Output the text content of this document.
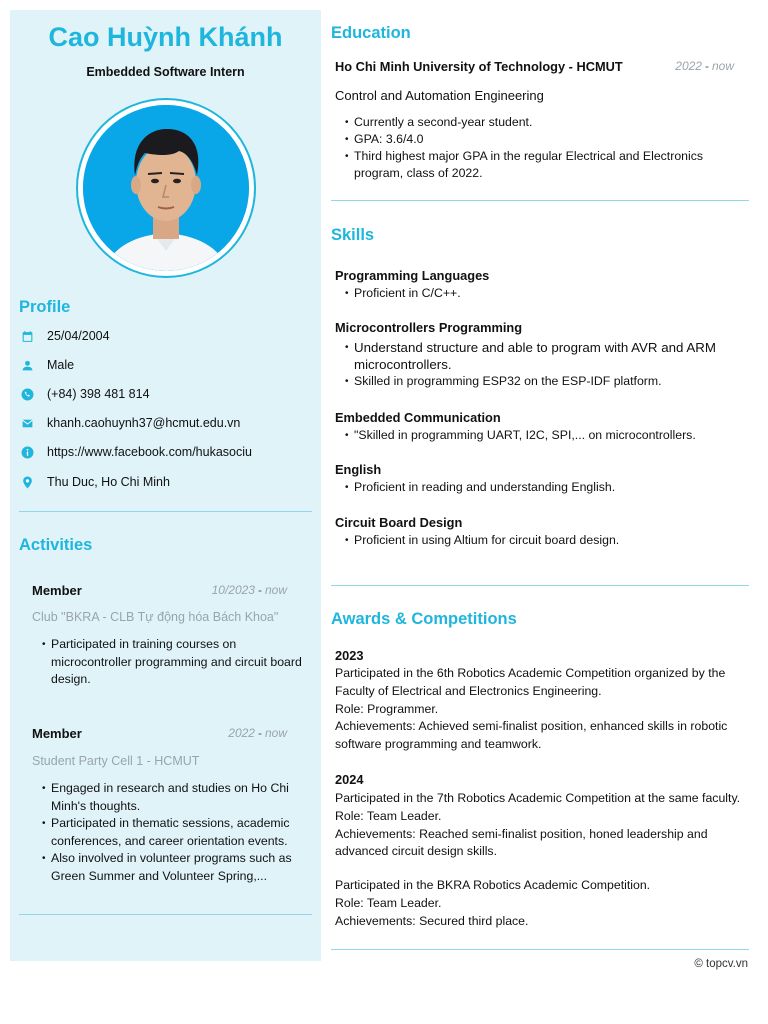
Cao Huỳnh Khánh
Embedded Software Intern
Profile
25/04/2004
Male
(+84) 398 481 814
khanh.caohuynh37@hcmut.edu.vn
https://www.facebook.com/hukasociu
Thu Duc, Ho Chi Minh
Activities
Member	10/2023 - now
Club "BKRA - CLB Tự động hóa Bách Khoa"
• Participated in training courses on microcontroller programming and circuit board design.
Member	2022 - now
Student Party Cell 1 - HCMUT
• Engaged in research and studies on Ho Chi Minh's thoughts.
• Participated in thematic sessions, academic conferences, and career orientation events.
• Also involved in volunteer programs such as Green Summer and Volunteer Spring,...
Education
Ho Chi Minh University of Technology - HCMUT	2022 - now
Control and Automation Engineering
• Currently a second-year student.
• GPA: 3.6/4.0
• Third highest major GPA in the regular Electrical and Electronics program, class of 2022.
Skills
Programming Languages
• Proficient in C/C++.
Microcontrollers Programming
• Understand structure and able to program with AVR and ARM microcontrollers.
• Skilled in programming ESP32 on the ESP-IDF platform.
Embedded Communication
• "Skilled in programming UART, I2C, SPI,... on microcontrollers.
English
• Proficient in reading and understanding English.
Circuit Board Design
• Proficient in using Altium for circuit board design.
Awards & Competitions
2023
Participated in the 6th Robotics Academic Competition organized by the Faculty of Electrical and Electronics Engineering.
Role: Programmer.
Achievements: Achieved semi-finalist position, enhanced skills in robotic software programming and teamwork.
2024
Participated in the 7th Robotics Academic Competition at the same faculty.
Role: Team Leader.
Achievements: Reached semi-finalist position, honed leadership and advanced circuit design skills.
Participated in the BKRA Robotics Academic Competition.
Role: Team Leader.
Achievements: Secured third place.
© topcv.vn
